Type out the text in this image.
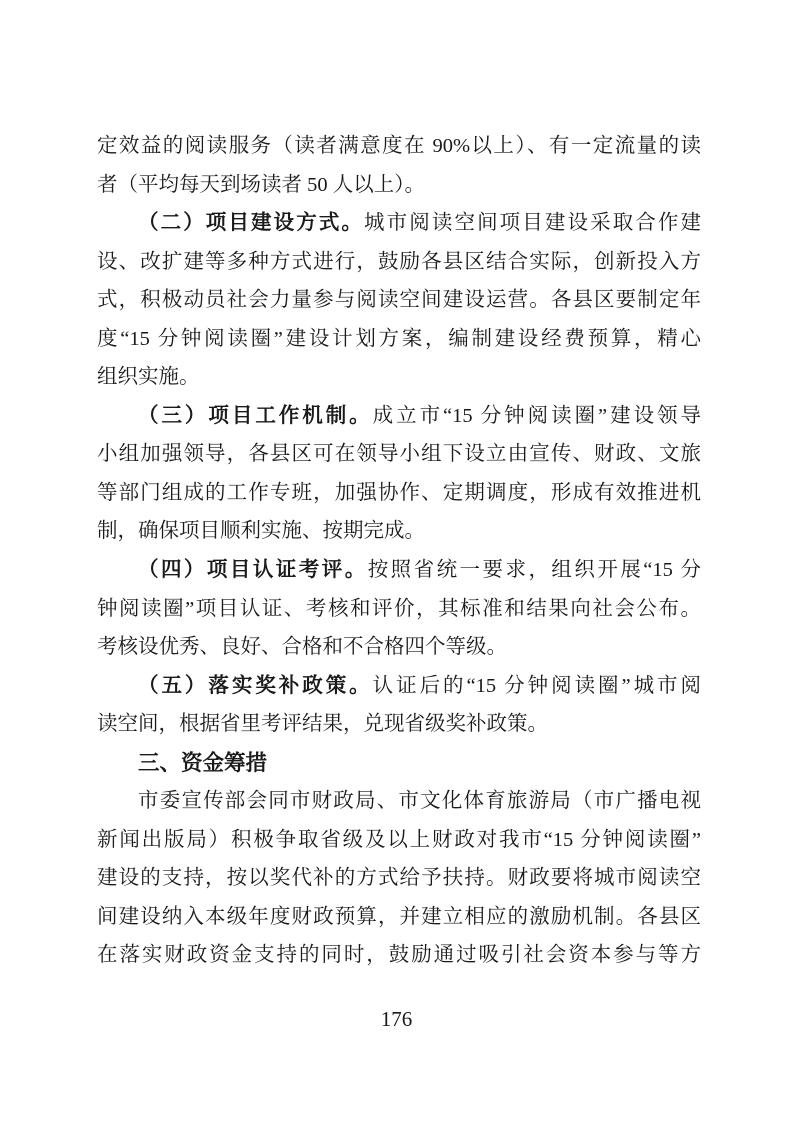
定效益的阅读服务（读者满意度在 90%以上）、有一定流量的读
者（平均每天到场读者 50 人以上）。
（二）项目建设方式。城市阅读空间项目建设采取合作建
设、改扩建等多种方式进行，鼓励各县区结合实际，创新投入方
式，积极动员社会力量参与阅读空间建设运营。各县区要制定年
度“15 分钟阅读圈”建设计划方案，编制建设经费预算，精心
组织实施。
（三）项目工作机制。成立市“15 分钟阅读圈”建设领导
小组加强领导，各县区可在领导小组下设立由宣传、财政、文旅
等部门组成的工作专班，加强协作、定期调度，形成有效推进机
制，确保项目顺利实施、按期完成。
（四）项目认证考评。按照省统一要求，组织开展“15 分
钟阅读圈”项目认证、考核和评价，其标准和结果向社会公布。
考核设优秀、良好、合格和不合格四个等级。
（五）落实奖补政策。认证后的“15 分钟阅读圈”城市阅
读空间，根据省里考评结果，兑现省级奖补政策。
三、资金筹措
市委宣传部会同市财政局、市文化体育旅游局（市广播电视
新闻出版局）积极争取省级及以上财政对我市“15 分钟阅读圈”
建设的支持，按以奖代补的方式给予扶持。财政要将城市阅读空
间建设纳入本级年度财政预算，并建立相应的激励机制。各县区
在落实财政资金支持的同时，鼓励通过吸引社会资本参与等方
176
